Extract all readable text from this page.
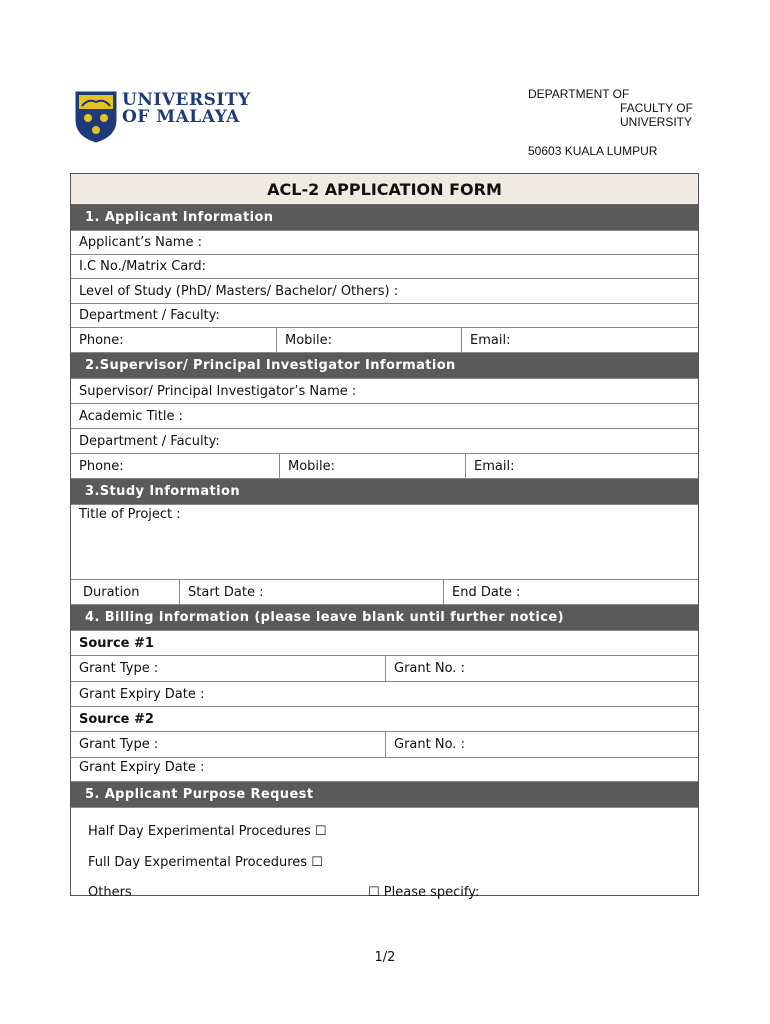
UNIVERSITY
OF MALAYA
DEPARTMENT OF
FACULTY OF
UNIVERSITY
50603 KUALA LUMPUR
ACL-2 APPLICATION FORM
1. Applicant Information
Applicant’s Name :
I.C No./Matrix Card:
Level of Study (PhD/ Masters/ Bachelor/ Others) :
Department / Faculty:
Phone:	Mobile:	Email:
2.Supervisor/ Principal Investigator Information
Supervisor/ Principal Investigator’s Name :
Academic Title :
Department / Faculty:
Phone:	Mobile:	Email:
3.Study Information
Title of Project :
Duration	Start Date :	End Date :
4. Billing Information (please leave blank until further notice)
Source #1
Grant Type :	Grant No. :
Grant Expiry Date :
Source #2
Grant Type :	Grant No. :
Grant Expiry Date :
5. Applicant Purpose Request
Half Day Experimental Procedures ☐
Full Day Experimental Procedures ☐
Others	☐ Please specify:
1/2
